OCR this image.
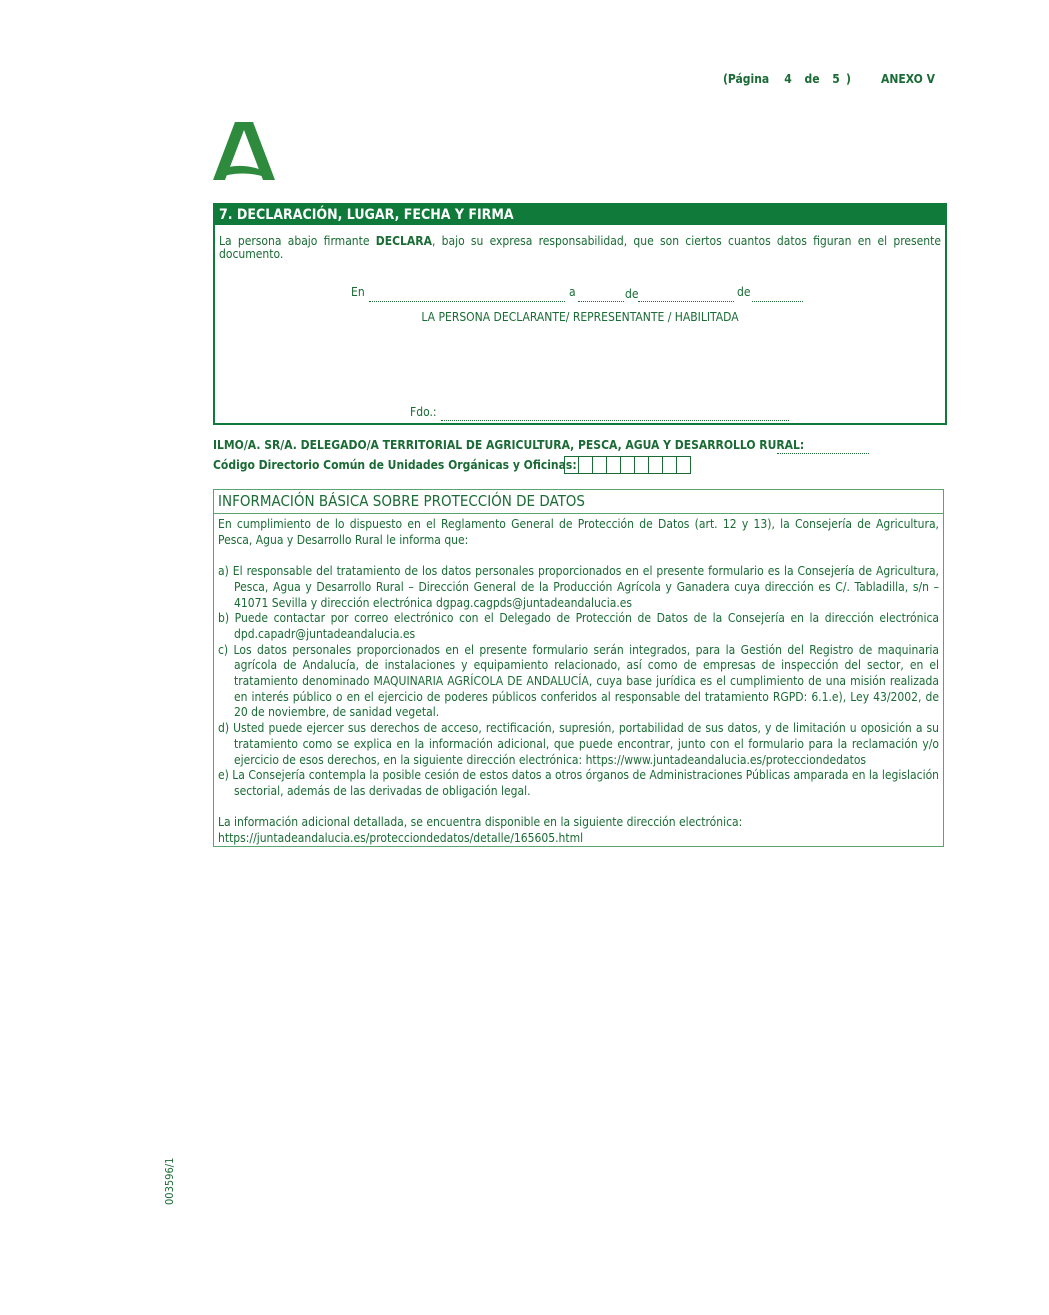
(Página 4 de 5 )	ANEXO V
7. DECLARACIÓN, LUGAR, FECHA Y FIRMA
La persona abajo firmante DECLARA, bajo su expresa responsabilidad, que son ciertos cuantos datos figuran en el presente documento.
En	a	de	de
LA PERSONA DECLARANTE/ REPRESENTANTE / HABILITADA
Fdo.:
ILMO/A. SR/A. DELEGADO/A TERRITORIAL DE AGRICULTURA, PESCA, AGUA Y DESARROLLO RURAL:
Código Directorio Común de Unidades Orgánicas y Oficinas:
INFORMACIÓN BÁSICA SOBRE PROTECCIÓN DE DATOS

En cumplimiento de lo dispuesto en el Reglamento General de Protección de Datos (art. 12 y 13), la Consejería de Agricultura, Pesca, Agua y Desarrollo Rural le informa que:

a) El responsable del tratamiento de los datos personales proporcionados en el presente formulario es la Consejería de Agricultura, Pesca, Agua y Desarrollo Rural – Dirección General de la Producción Agrícola y Ganadera cuya dirección es C/. Tabladilla, s/n – 41071 Sevilla y dirección electrónica dgpag.cagpds@juntadeandalucia.es

b) Puede contactar por correo electrónico con el Delegado de Protección de Datos de la Consejería en la dirección electrónica dpd.capadr@juntadeandalucia.es

c) Los datos personales proporcionados en el presente formulario serán integrados, para la Gestión del Registro de maquinaria agrícola de Andalucía, de instalaciones y equipamiento relacionado, así como de empresas de inspección del sector, en el tratamiento denominado MAQUINARIA AGRÍCOLA DE ANDALUCÍA, cuya base jurídica es el cumplimiento de una misión realizada en interés público o en el ejercicio de poderes públicos conferidos al responsable del tratamiento RGPD: 6.1.e), Ley 43/2002, de 20 de noviembre, de sanidad vegetal.

d) Usted puede ejercer sus derechos de acceso, rectificación, supresión, portabilidad de sus datos, y de limitación u oposición a su tratamiento como se explica en la información adicional, que puede encontrar, junto con el formulario para la reclamación y/o ejercicio de esos derechos, en la siguiente dirección electrónica: https://www.juntadeandalucia.es/protecciondedatos

e) La Consejería contempla la posible cesión de estos datos a otros órganos de Administraciones Públicas amparada en la legislación sectorial, además de las derivadas de obligación legal.

La información adicional detallada, se encuentra disponible en la siguiente dirección electrónica:

https://juntadeandalucia.es/protecciondedatos/detalle/165605.html

003596/1
